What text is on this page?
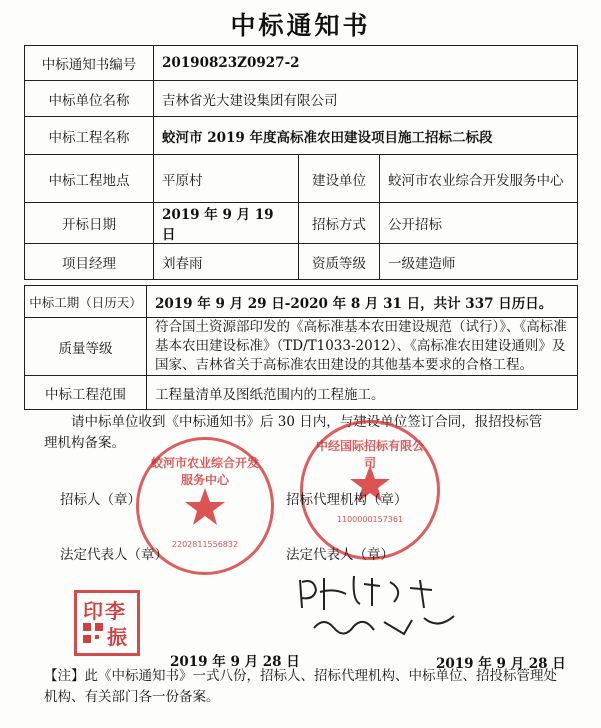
中标通知书
中标通知书编号	20190823Z0927-2		
中标单位名称	吉林省光大建设集团有限公司		
中标工程名称	蛟河市 2019 年度高标准农田建设项目施工招标二标段		
中标工程地点	平原村	建设单位	蛟河市农业综合开发服务中心
开标日期	2019 年 9 月 19 日	招标方式	公开招标
项目经理	刘春雨	资质等级	一级建造师
中标工期（日历天）	2019 年 9 月 29 日-2020 年 8 月 31 日，共计 337 日历日。
质量等级	符合国土资源部印发的《高标准基本农田建设规范（试行）》、《高标准基本农田建设标准》（TD/T1033-2012）、《高标准农田建设通则》及国家、吉林省关于高标准农田建设的其他基本要求的合格工程。
中标工程范围	工程量清单及图纸范围内的工程施工。
请中标单位收到《中标通知书》后 30 日内，与建设单位签订合同，报招投标管理机构备案。
蛟河市农业综合开发服务中心
2202811556832
中经国际招标有限公司
1100000157361
招标人（章）
法定代表人（章）
招标代理机构（章）
法定代表人（章）
印李
振
2019 年 9 月 28 日	2019 年 9 月 28 日
【注】此《中标通知书》一式八份，招标人、招标代理机构、中标单位、招投标管理处机构、有关部门各一份备案。
